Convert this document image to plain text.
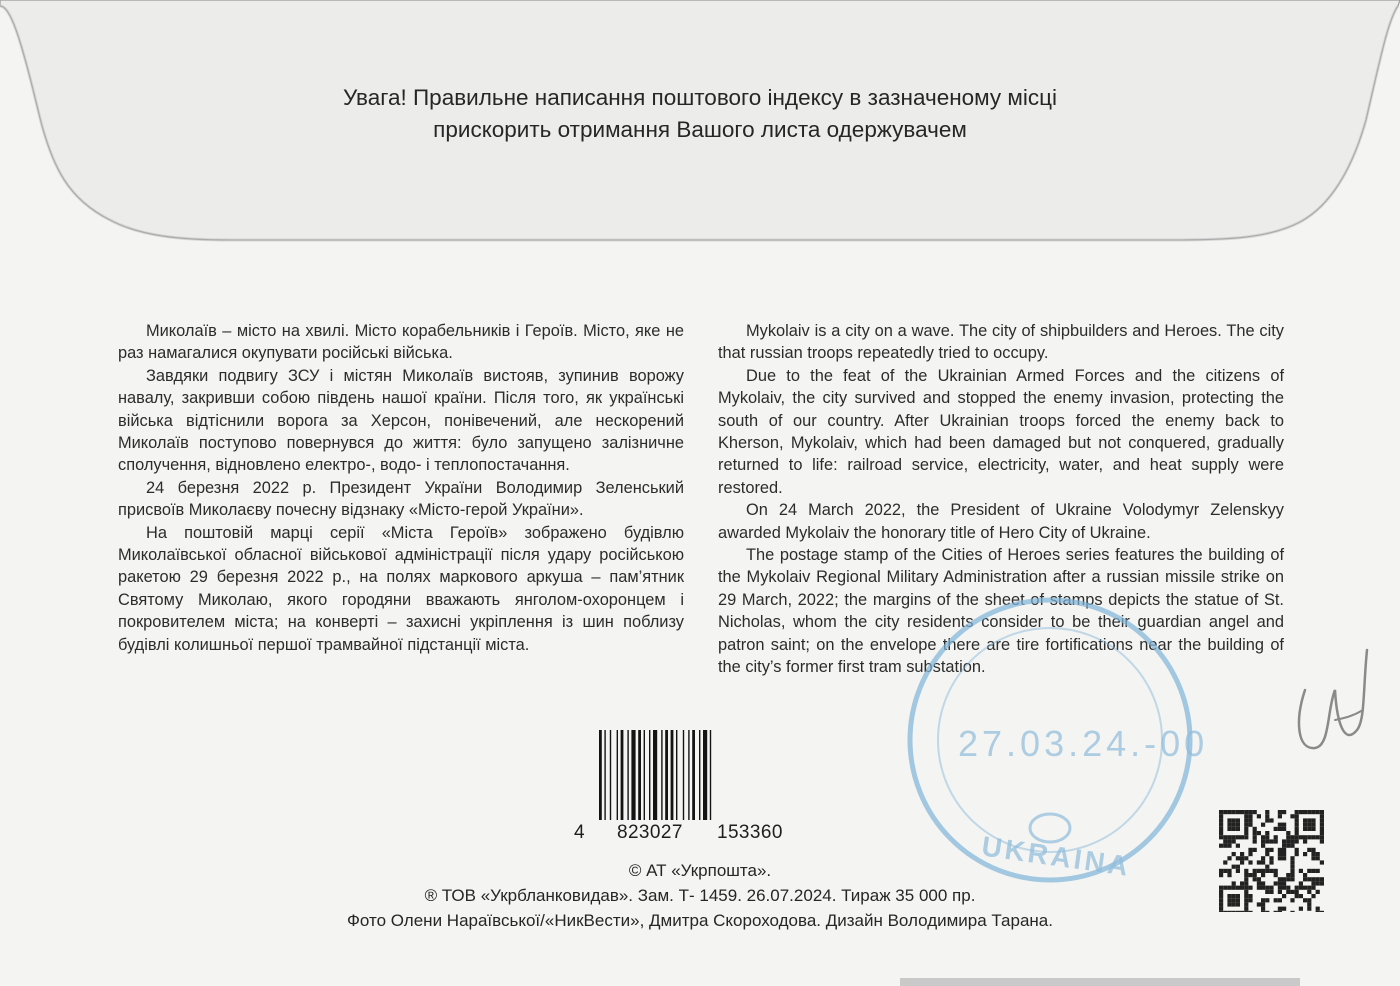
Увага! Правильне написання поштового індексу в зазначеному місці
прискорить отримання Вашого листа одержувачем

Миколаїв – місто на хвилі. Місто корабельників і Героїв. Місто, яке не раз намагалися окупувати російські війська.

Завдяки подвигу ЗСУ і містян Миколаїв вистояв, зупинив ворожу навалу, закривши собою південь нашої країни. Після того, як українські війська відтіснили ворога за Херсон, понівечений, але нескорений Миколаїв поступово повернувся до життя: було запущено залізничне сполучення, відновлено електро-, водо- і теплопостачання.

24 березня 2022 р. Президент України Володимир Зеленський присвоїв Миколаєву почесну відзнаку «Місто-герой України».

На поштовій марці серії «Міста Героїв» зображено будівлю Миколаївської обласної військової адміністрації після удару російською ракетою 29 березня 2022 р., на полях маркового аркуша – пам’ятник Святому Миколаю, якого городяни вважають янголом-охоронцем і покровителем міста; на конверті – захисні укріплення із шин поблизу будівлі колишньої першої трамвайної підстанції міста.

Mykolaiv is a city on a wave. The city of shipbuilders and Heroes. The city that russian troops repeatedly tried to occupy.

Due to the feat of the Ukrainian Armed Forces and the citizens of Mykolaiv, the city survived and stopped the enemy invasion, protecting the south of our country. After Ukrainian troops forced the enemy back to Kherson, Mykolaiv, which had been damaged but not conquered, gradually returned to life: railroad service, electricity, water, and heat supply were restored.

On 24 March 2022, the President of Ukraine Volodymyr Zelenskyy awarded Mykolaiv the honorary title of Hero City of Ukraine.

The postage stamp of the Cities of Heroes series features the building of the Mykolaiv Regional Military Administration after a russian missile strike on 29 March, 2022; the margins of the sheet of stamps depicts the statue of St. Nicholas, whom the city residents consider to be their guardian angel and patron saint; on the envelope there are tire fortifications near the building of the city’s former first tram substation.

27.03.24.-00
UKRAINA
4 823027 153360
© АТ «Укрпошта».
® ТОВ «Укрбланковидав». Зам. Т- 1459. 26.07.2024. Тираж 35 000 пр.
Фото Олени Нараївської/«НикВести», Дмитра Скороходова. Дизайн Володимира Тарана.
